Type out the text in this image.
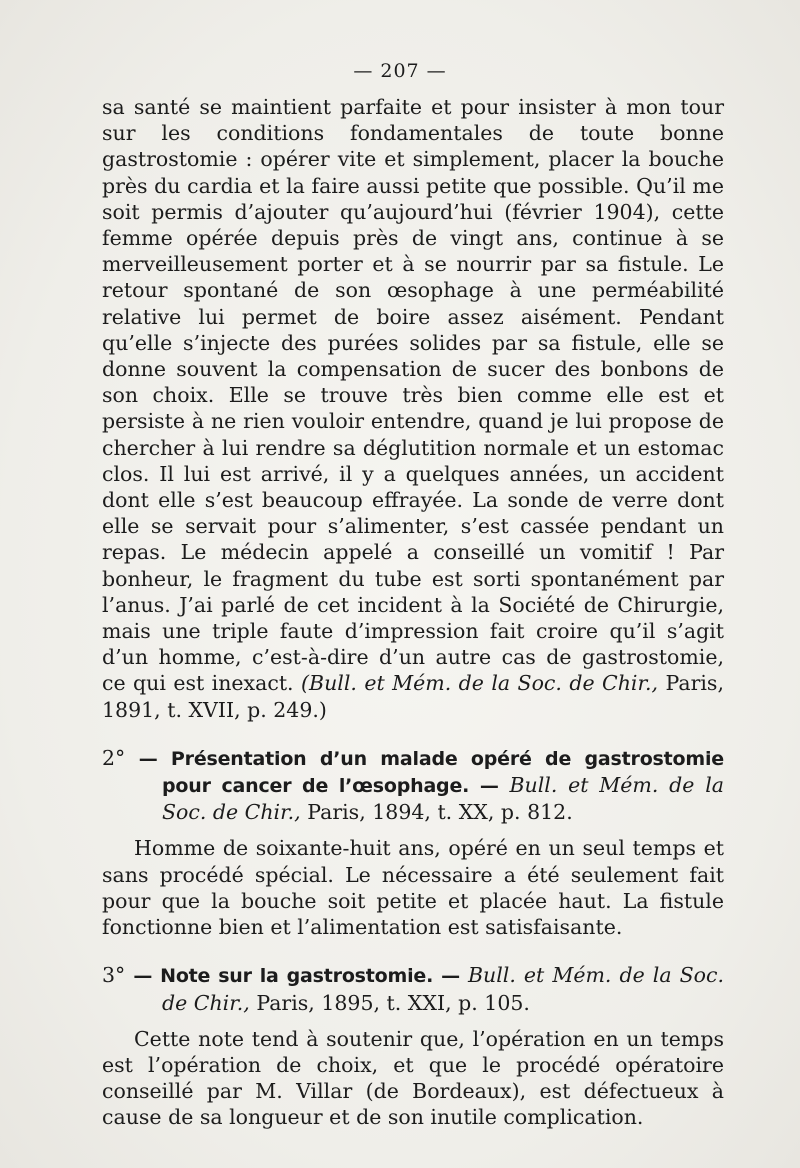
— 207 —

sa santé se maintient parfaite et pour insister à mon tour sur les conditions fondamentales de toute bonne gastrostomie : opérer vite et simplement, placer la bouche près du cardia et la faire aussi petite que possible. Qu’il me soit permis d’ajouter qu’aujourd’hui (février 1904), cette femme opérée depuis près de vingt ans, continue à se merveilleusement porter et à se nourrir par sa fistule. Le retour spontané de son œsophage à une perméabilité relative lui permet de boire assez aisément. Pendant qu’elle s’injecte des purées solides par sa fistule, elle se donne souvent la compensation de sucer des bonbons de son choix. Elle se trouve très bien comme elle est et persiste à ne rien vouloir entendre, quand je lui propose de chercher à lui rendre sa déglutition normale et un estomac clos. Il lui est arrivé, il y a quelques années, un accident dont elle s’est beaucoup effrayée. La sonde de verre dont elle se servait pour s’alimenter, s’est cassée pendant un repas. Le médecin appelé a conseillé un vomitif ! Par bonheur, le fragment du tube est sorti spontanément par l’anus. J’ai parlé de cet incident à la Société de Chirurgie, mais une triple faute d’impression fait croire qu’il s’agit d’un homme, c’est-à-dire d’un autre cas de gastrostomie, ce qui est inexact. (Bull. et Mém. de la Soc. de Chir., Paris, 1891, t. XVII, p. 249.)

2° — Présentation d’un malade opéré de gastrostomie pour cancer de l’œsophage. — Bull. et Mém. de la Soc. de Chir., Paris, 1894, t. XX, p. 812.

Homme de soixante-huit ans, opéré en un seul temps et sans procédé spécial. Le nécessaire a été seulement fait pour que la bouche soit petite et placée haut. La fistule fonctionne bien et l’alimentation est satisfaisante.

3° — Note sur la gastrostomie. — Bull. et Mém. de la Soc. de Chir., Paris, 1895, t. XXI, p. 105.

Cette note tend à soutenir que, l’opération en un temps est l’opération de choix, et que le procédé opératoire conseillé par M. Villar (de Bordeaux), est défectueux à cause de sa longueur et de son inutile complication.
